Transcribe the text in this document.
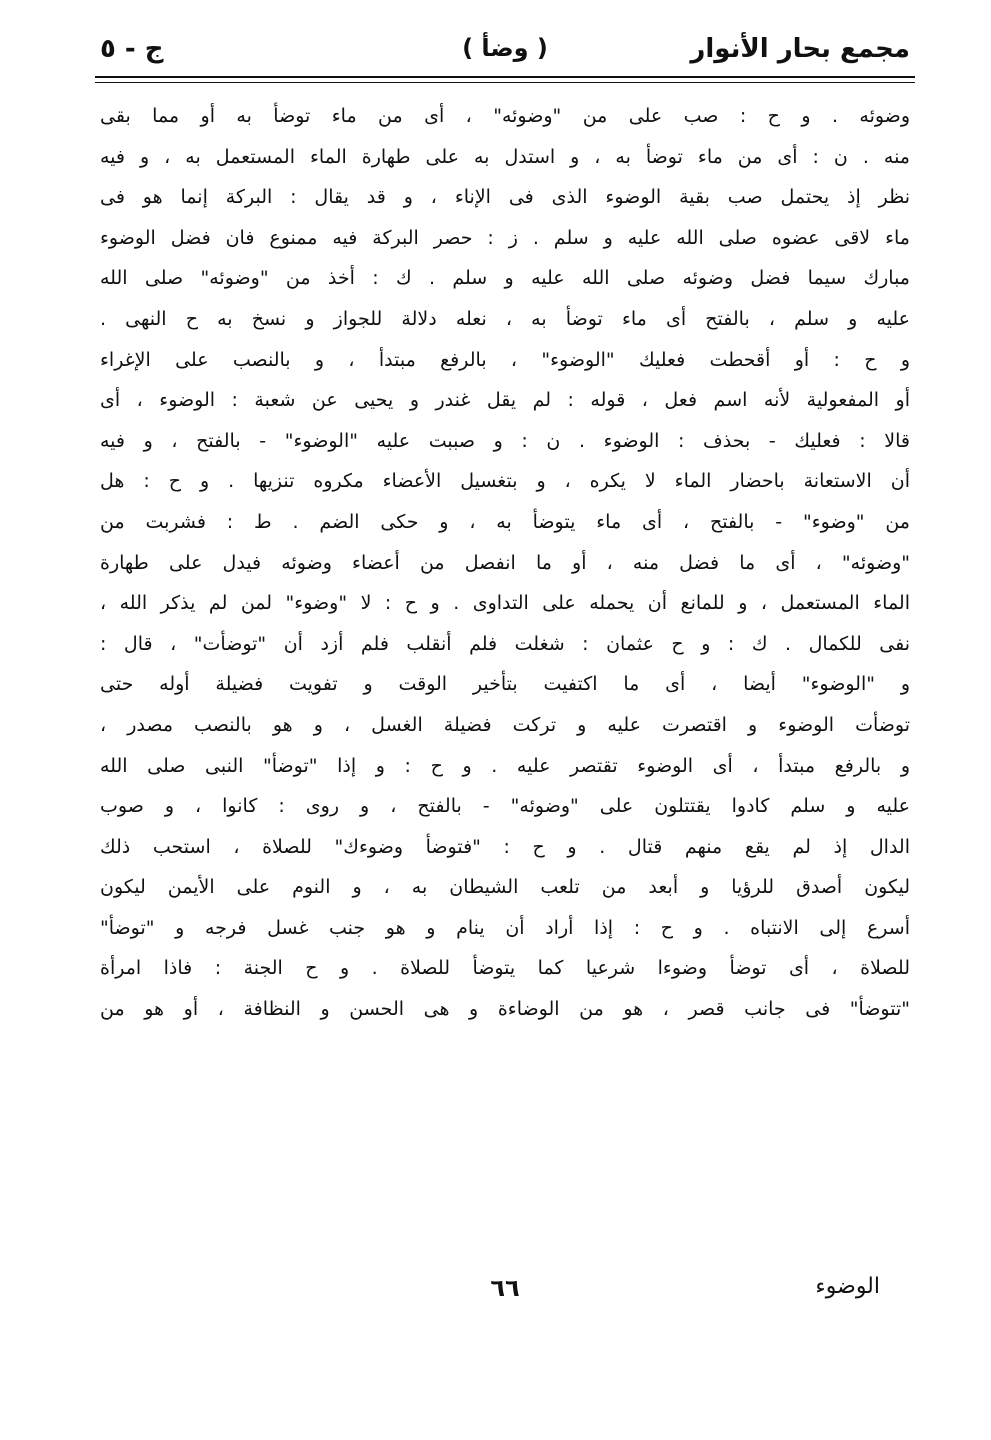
مجمع بحار الأنوار
( وضأ )
ج - ٥
وضوئه . و ح : صب على من "وضوئه" ، أى من ماء توضأ به أو مما بقى
منه . ن : أى من ماء توضأ به ، و استدل به على طهارة الماء المستعمل به ، و فيه
نظر إذ يحتمل صب بقية الوضوء الذى فى الإناء ، و قد يقال : البركة إنما هو فى
ماء لاقى عضوه صلى الله عليه و سلم . ز : حصر البركة فيه ممنوع فان فضل الوضوء
مبارك سيما فضل وضوئه صلى الله عليه و سلم . ك : أخذ من "وضوئه" صلى الله
عليه و سلم ، بالفتح أى ماء توضأ به ، نعله دلالة للجواز و نسخ به ح النهى .
و ح : أو أقحطت فعليك "الوضوء" ، بالرفع مبتدأ ، و بالنصب على الإغراء
أو المفعولية لأنه اسم فعل ، قوله : لم يقل غندر و يحيى عن شعبة : الوضوء ، أى
قالا : فعليك - بحذف : الوضوء . ن : و صببت عليه "الوضوء" - بالفتح ، و فيه
أن الاستعانة باحضار الماء لا يكره ، و بتغسيل الأعضاء مكروه تنزيها . و ح : هل
من "وضوء" - بالفتح ، أى ماء يتوضأ به ، و حكى الضم . ط : فشربت من
"وضوئه" ، أى ما فضل منه ، أو ما انفصل من أعضاء وضوئه فيدل على طهارة
الماء المستعمل ، و للمانع أن يحمله على التداوى . و ح : لا "وضوء" لمن لم يذكر الله ،
نفى للكمال . ك : و ح عثمان : شغلت فلم أنقلب فلم أزد أن "توضأت" ، قال :
و "الوضوء" أيضا ، أى ما اكتفيت بتأخير الوقت و تفويت فضيلة أوله حتى
توضأت الوضوء و اقتصرت عليه و تركت فضيلة الغسل ، و هو بالنصب مصدر ،
و بالرفع مبتدأ ، أى الوضوء تقتصر عليه . و ح : و إذا "توضأ" النبى صلى الله
عليه و سلم كادوا يقتتلون على "وضوئه" - بالفتح ، و روى : كانوا ، و صوب
الدال إذ لم يقع منهم قتال . و ح : "فتوضأ وضوءك" للصلاة ، استحب ذلك
ليكون أصدق للرؤيا و أبعد من تلعب الشيطان به ، و النوم على الأيمن ليكون
أسرع إلى الانتباه . و ح : إذا أراد أن ينام و هو جنب غسل فرجه و "توضأ"
للصلاة ، أى توضأ وضوءا شرعيا كما يتوضأ للصلاة . و ح الجنة : فاذا امرأة
"تتوضأ" فى جانب قصر ، هو من الوضاءة و هى الحسن و النظافة ، أو هو من
٦٦	الوضوء
